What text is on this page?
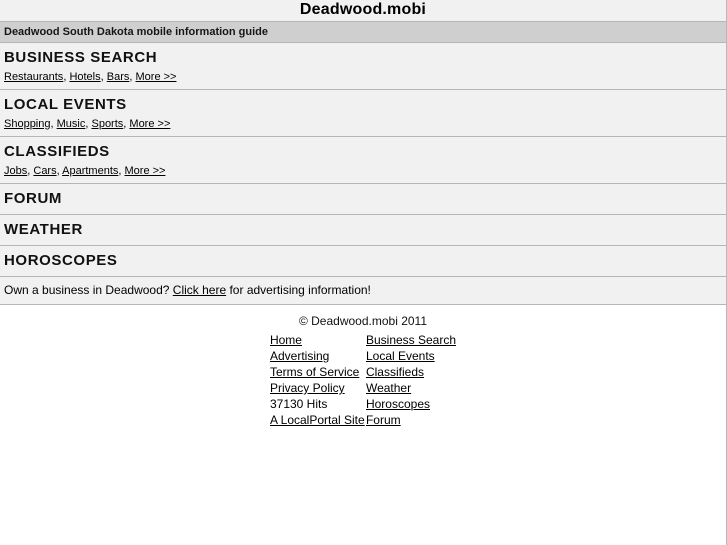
Deadwood.mobi
Deadwood South Dakota mobile information guide
BUSINESS SEARCH
Restaurants, Hotels, Bars, More >>
LOCAL EVENTS
Shopping, Music, Sports, More >>
CLASSIFIEDS
Jobs, Cars, Apartments, More >>
FORUM
WEATHER
HOROSCOPES
Own a business in Deadwood? Click here for advertising information!
© Deadwood.mobi 2011
Home	Business Search
Advertising	Local Events
Terms of Service	Classifieds
Privacy Policy	Weather
37130 Hits	Horoscopes
A LocalPortal Site	Forum
